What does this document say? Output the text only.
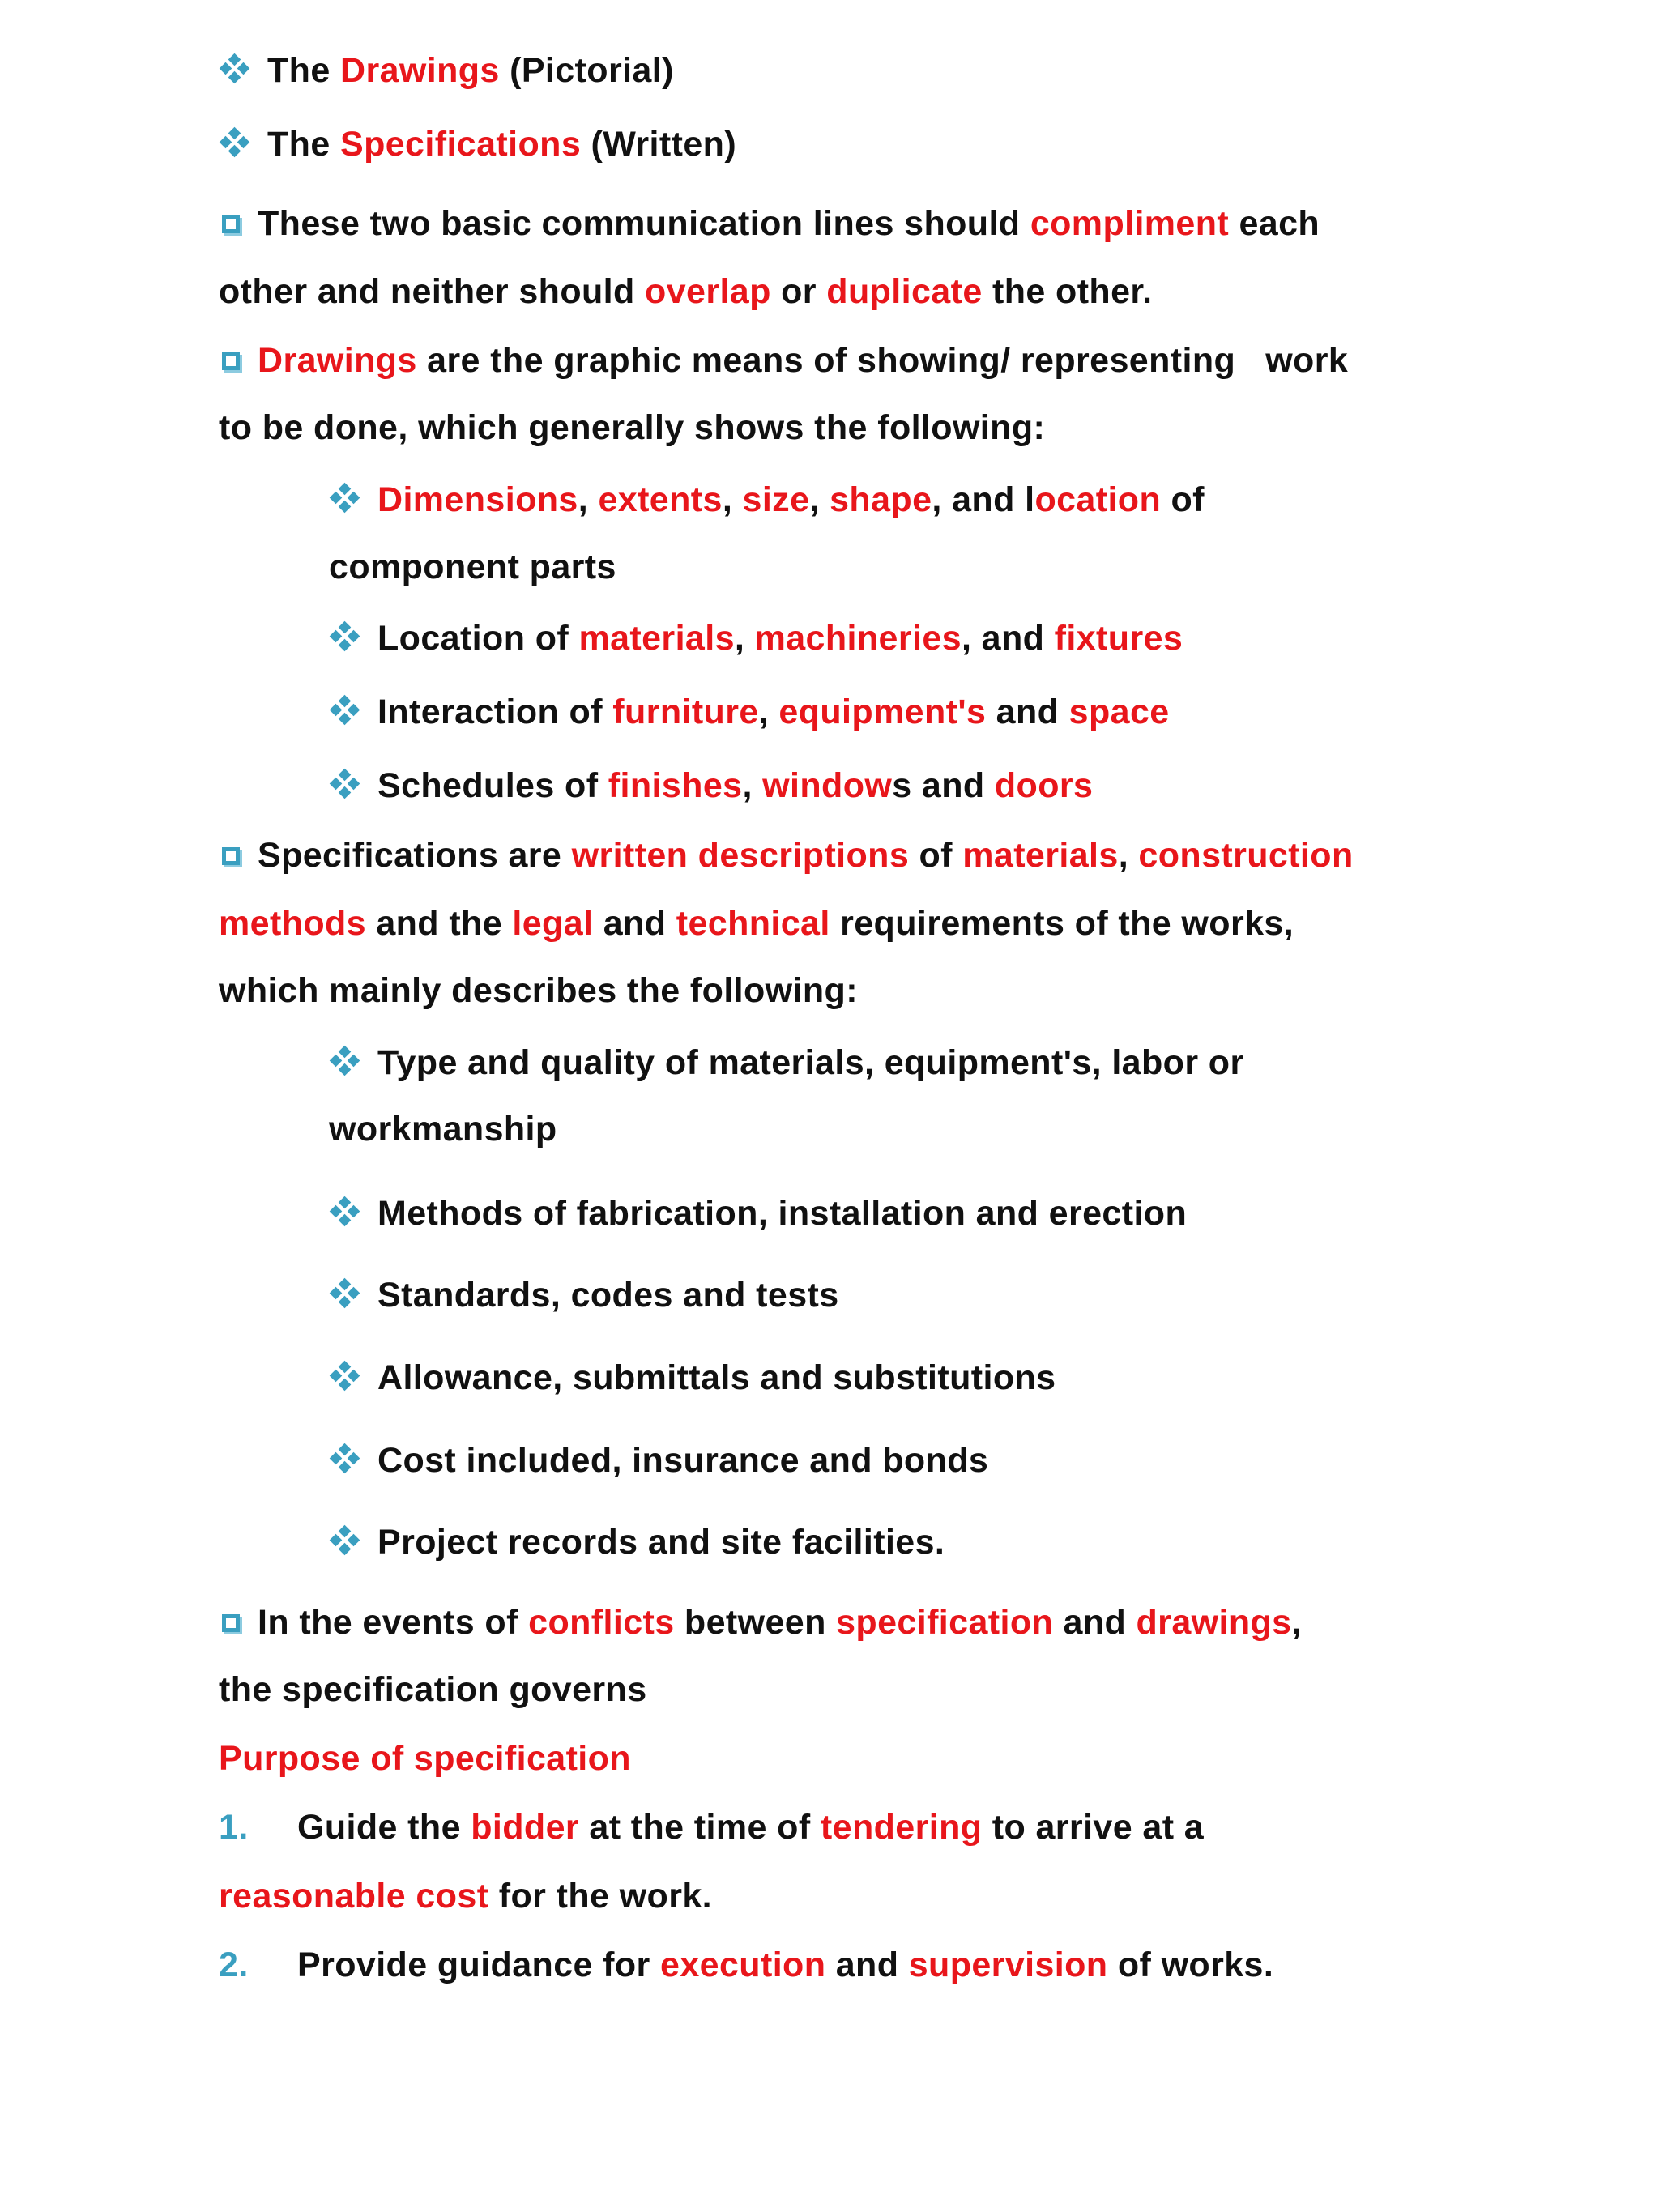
The Drawings (Pictorial)
The Specifications (Written)
These two basic communication lines should compliment each
other and neither should overlap or duplicate the other.
Drawings are the graphic means of showing/ representing   work
to be done, which generally shows the following:
Dimensions, extents, size, shape, and location of
component parts
Location of materials, machineries, and fixtures
Interaction of furniture, equipment's and space
Schedules of finishes, windows and doors
Specifications are written descriptions of materials, construction
methods and the legal and technical requirements of the works,
which mainly describes the following:
Type and quality of materials, equipment's, labor or
workmanship
Methods of fabrication, installation and erection
Standards, codes and tests
Allowance, submittals and substitutions
Cost included, insurance and bonds
Project records and site facilities.
In the events of conflicts between specification and drawings,
the specification governs
Purpose of specification
1. Guide the bidder at the time of tendering to arrive at a
reasonable cost for the work.
2. Provide guidance for execution and supervision of works.
